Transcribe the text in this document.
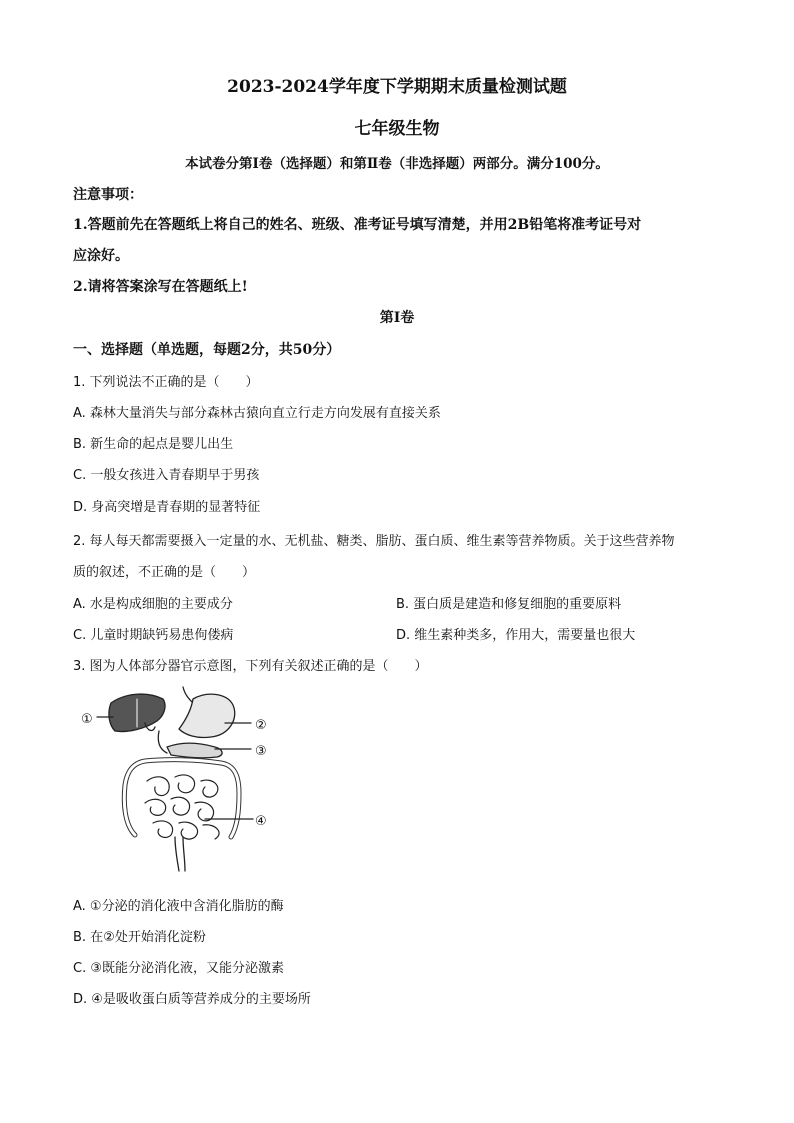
2023-2024学年度下学期期末质量检测试题
七年级生物
本试卷分第Ⅰ卷（选择题）和第Ⅱ卷（非选择题）两部分。满分100分。
注意事项：
1.答题前先在答题纸上将自己的姓名、班级、准考证号填写清楚，并用2B铅笔将准考证号对
应涂好。
2.请将答案涂写在答题纸上!
第Ⅰ卷
一、选择题（单选题，每题2分，共50分）
1. 下列说法不正确的是（　　）
A. 森林大量消失与部分森林古猿向直立行走方向发展有直接关系
B. 新生命的起点是婴儿出生
C. 一般女孩进入青春期早于男孩
D. 身高突增是青春期的显著特征
2. 每人每天都需要摄入一定量的水、无机盐、糖类、脂肪、蛋白质、维生素等营养物质。关于这些营养物
质的叙述，不正确的是（　　）
A. 水是构成细胞的主要成分	B. 蛋白质是建造和修复细胞的重要原料
C. 儿童时期缺钙易患佝偻病	D. 维生素种类多，作用大，需要量也很大
3. 图为人体部分器官示意图，下列有关叙述正确的是（　　）
①	②
③
④
A. ①分泌的消化液中含消化脂肪的酶
B. 在②处开始消化淀粉
C. ③既能分泌消化液，又能分泌激素
D. ④是吸收蛋白质等营养成分的主要场所
